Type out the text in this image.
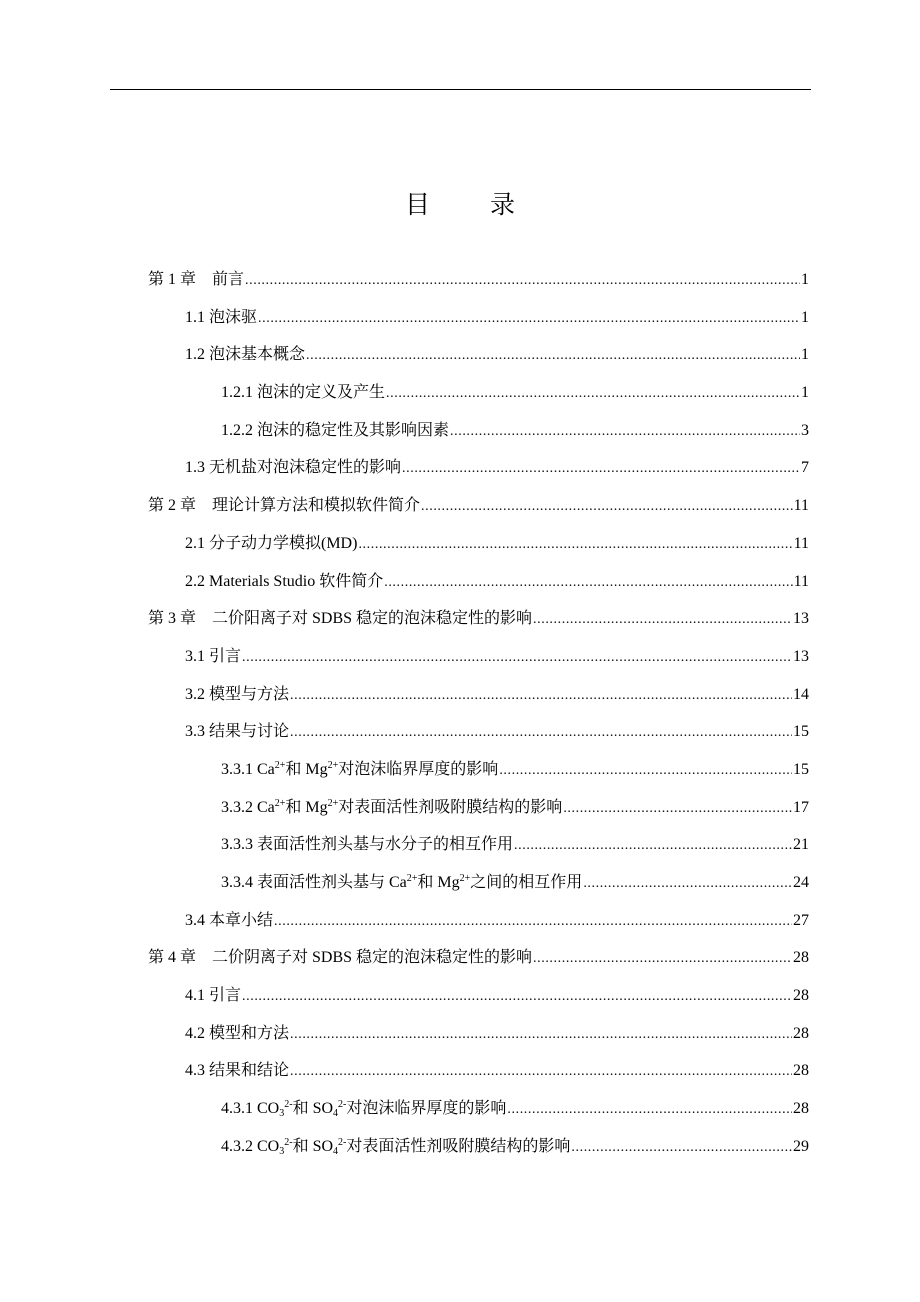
目 录
第 1 章　前言 .....	1
1.1 泡沫驱 .....	1
1.2 泡沫基本概念 .....	1
1.2.1 泡沫的定义及产生 .....	1
1.2.2 泡沫的稳定性及其影响因素 .....	3
1.3 无机盐对泡沫稳定性的影响 .....	7
第 2 章　理论计算方法和模拟软件简介 .....	11
2.1 分子动力学模拟(MD) .....	11
2.2 Materials Studio 软件简介 .....	11
第 3 章　二价阳离子对 SDBS 稳定的泡沫稳定性的影响 .....	13
3.1 引言 .....	13
3.2 模型与方法 .....	14
3.3 结果与讨论 .....	15
3.3.1 $Ca^{2+}$和 $Mg^{2+}$对泡沫临界厚度的影响 .....	15
3.3.2 $Ca^{2+}$和 $Mg^{2+}$对表面活性剂吸附膜结构的影响 .....	17
3.3.3 表面活性剂头基与水分子的相互作用 .....	21
3.3.4 表面活性剂头基与 $Ca^{2+}$和 $Mg^{2+}$之间的相互作用 .....	24
3.4 本章小结 .....	27
第 4 章　二价阴离子对 SDBS 稳定的泡沫稳定性的影响 .....	28
4.1 引言 .....	28
4.2 模型和方法 .....	28
4.3 结果和结论 .....	28
4.3.1 $CO_3^{2-}$和 $SO_4^{2-}$对泡沫临界厚度的影响 .....	28
4.3.2 $CO_3^{2-}$和 $SO_4^{2-}$对表面活性剂吸附膜结构的影响 .....	29
